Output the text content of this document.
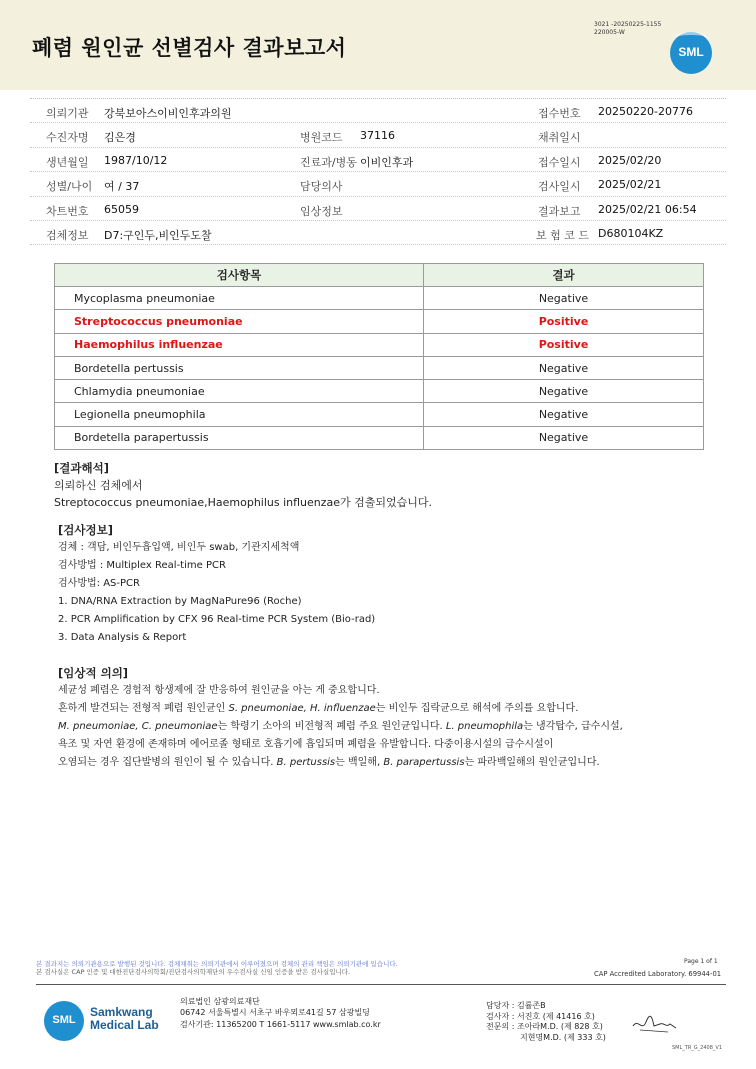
폐렴 원인균 선별검사 결과보고서
3021 -20250225-1155
220005-W
SML
의뢰기관 강북보아스이비인후과의원	접수번호 20250220-20776
수진자명 김은경	병원코드 37116	채취일시
생년월일 1987/10/12	진료과/병동 이비인후과	접수일시 2025/02/20
성별/나이 여 / 37	담당의사	검사일시 2025/02/21
차트번호 65059	임상정보	결과보고 2025/02/21 06:54
검체정보 D7:구인두,비인두도찰	보 험 코 드 D680104KZ
검사항목	결과
Mycoplasma pneumoniae	Negative
Streptococcus pneumoniae	Positive
Haemophilus influenzae	Positive
Bordetella pertussis	Negative
Chlamydia pneumoniae	Negative
Legionella pneumophila	Negative
Bordetella parapertussis	Negative
[결과해석]
의뢰하신 검체에서
Streptococcus pneumoniae,Haemophilus influenzae가 검출되었습니다.
[검사정보]
검체 : 객담, 비인두흡입액, 비인두 swab, 기관지세척액
검사방법 : Multiplex Real-time PCR
검사방법: AS-PCR
1. DNA/RNA Extraction by MagNaPure96 (Roche)
2. PCR Amplification by CFX 96 Real-time PCR System (Bio-rad)
3. Data Analysis & Report
[임상적 의의]
세균성 폐렴은 경험적 항생제에 잘 반응하여 원인균을 아는 게 중요합니다.
흔하게 발견되는 전형적 폐렴 원인균인 S. pneumoniae, H. influenzae는 비인두 집락균으로 해석에 주의를 요합니다.
M. pneumoniae, C. pneumoniae는 학령기 소아의 비전형적 폐렴 주요 원인균입니다. L. pneumophila는 냉각탑수, 급수시설,
욕조 및 자연 환경에 존재하며 에어로졸 형태로 호흡기에 흡입되며 폐렴을 유발합니다. 다중이용시설의 급수시설이
오염되는 경우 집단발병의 원인이 될 수 있습니다. B. pertussis는 백일해, B. parapertussis는 파라백일해의 원인균입니다.
본 결과지는 의뢰기관용으로 발행된 것입니다. 검체채취는 의뢰기관에서 이루어졌으며 검체의 관리 책임은 의뢰기관에 있습니다.
본 검사실은 CAP 인증 및 대한진단검사의학회/진단검사의학재단의 우수검사실 신임 인증을 받은 검사실입니다.
Page 1 of 1
CAP Accredited Laboratory. 69944-01
SML
Samkwang
Medical Lab
의료법인 삼광의료재단
06742 서울특별시 서초구 바우뫼로41길 57 삼광빌딩
검사기관: 11365200 T 1661-5117 www.smlab.co.kr
담당자 : 김률존B
검사자 : 서진호 (제 41416 호)
전문의 : 조아라M.D. (제 828 호)
지현명M.D. (제 333 호)
SML_TR_G_2408_V1
